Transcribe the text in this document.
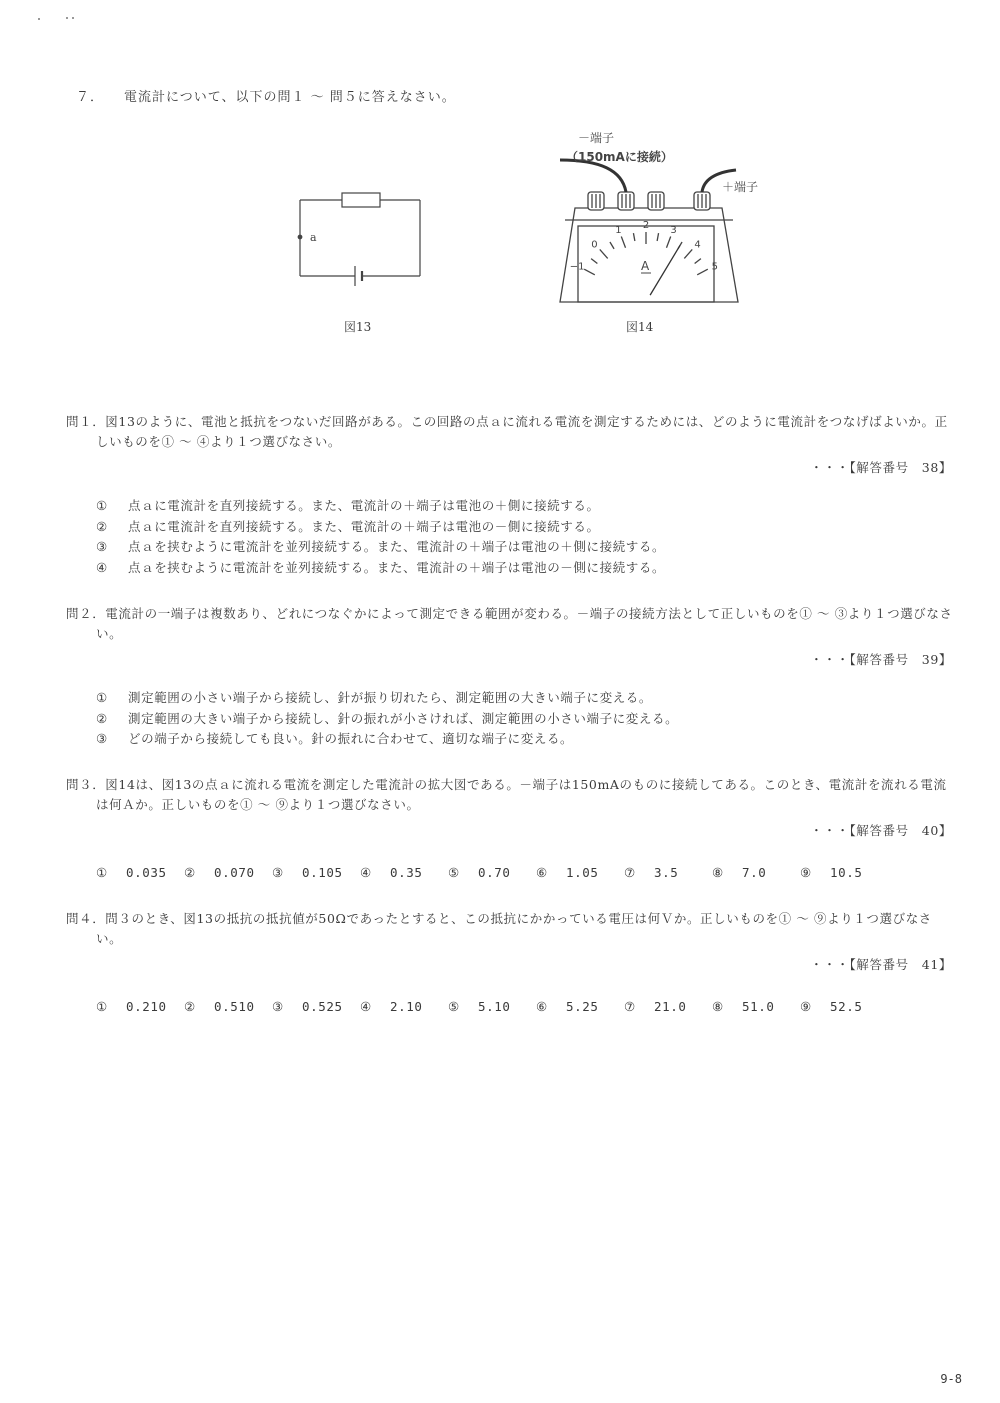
７． 電流計について、以下の問１ ～ 問５に答えなさい。
a
−1
0
1 2 3
4
5
A
－端子
（150mAに接続）
＋端子
図13	図14
問１．図13のように、電池と抵抗をつないだ回路がある。この回路の点ａに流れる電流を測定するためには、どのように電流計をつなげばよいか。正しいものを① ～ ④より１つ選びなさい。
・・・【解答番号　38】
①	点ａに電流計を直列接続する。また、電流計の＋端子は電池の＋側に接続する。
②	点ａに電流計を直列接続する。また、電流計の＋端子は電池の－側に接続する。
③	点ａを挟むように電流計を並列接続する。また、電流計の＋端子は電池の＋側に接続する。
④	点ａを挟むように電流計を並列接続する。また、電流計の＋端子は電池の－側に接続する。
問２．電流計の一端子は複数あり、どれにつなぐかによって測定できる範囲が変わる。－端子の接続方法として正しいものを① ～ ③より１つ選びなさい。
・・・【解答番号　39】
①	測定範囲の小さい端子から接続し、針が振り切れたら、測定範囲の大きい端子に変える。
②	測定範囲の大きい端子から接続し、針の振れが小さければ、測定範囲の小さい端子に変える。
③	どの端子から接続しても良い。針の振れに合わせて、適切な端子に変える。
問３．図14は、図13の点ａに流れる電流を測定した電流計の拡大図である。－端子は150mAのものに接続してある。このとき、電流計を流れる電流は何Ａか。正しいものを① ～ ⑨より１つ選びなさい。
・・・【解答番号　40】
①	0.035 ②	0.070 ③	0.105 ④	0.35 ⑤	0.70 ⑥	1.05 ⑦	3.5	⑧	7.0	⑨	10.5
問４．問３のとき、図13の抵抗の抵抗値が50Ωであったとすると、この抵抗にかかっている電圧は何Ｖか。正しいものを① ～ ⑨より１つ選びなさい。
・・・【解答番号　41】
①	0.210 ②	0.510 ③	0.525 ④	2.10 ⑤	5.10 ⑥	5.25 ⑦	21.0 ⑧	51.0 ⑨	52.5
9-8
